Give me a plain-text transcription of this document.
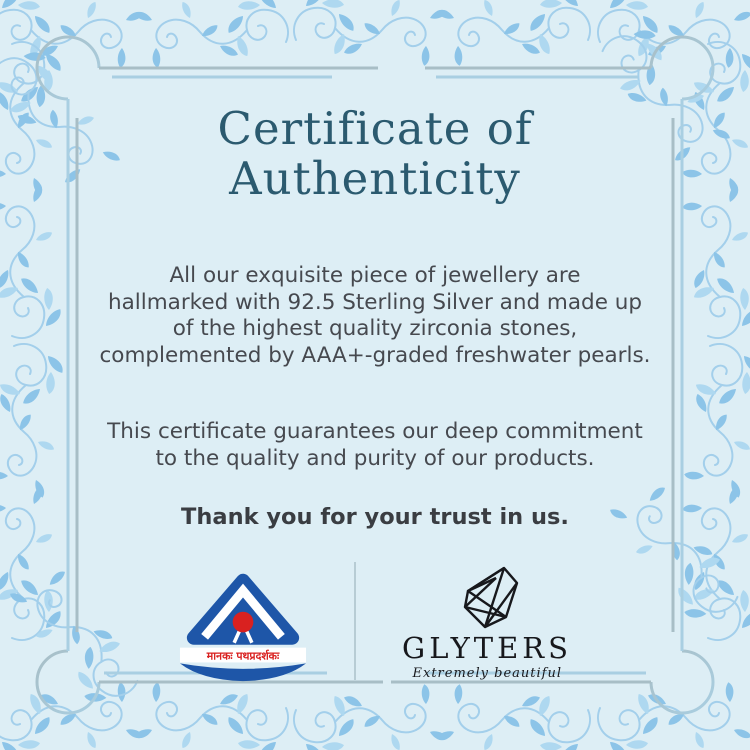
Certificate of Authenticity

All our exquisite piece of jewellery are
hallmarked with 92.5 Sterling Silver and made up
of the highest quality zirconia stones,
complemented by AAA+-graded freshwater pearls.

This certificate guarantees our deep commitment
to the quality and purity of our products.

Thank you for your trust in us.

मानकः पथप्रदर्शकः	GLYTERS
Extremely beautiful
